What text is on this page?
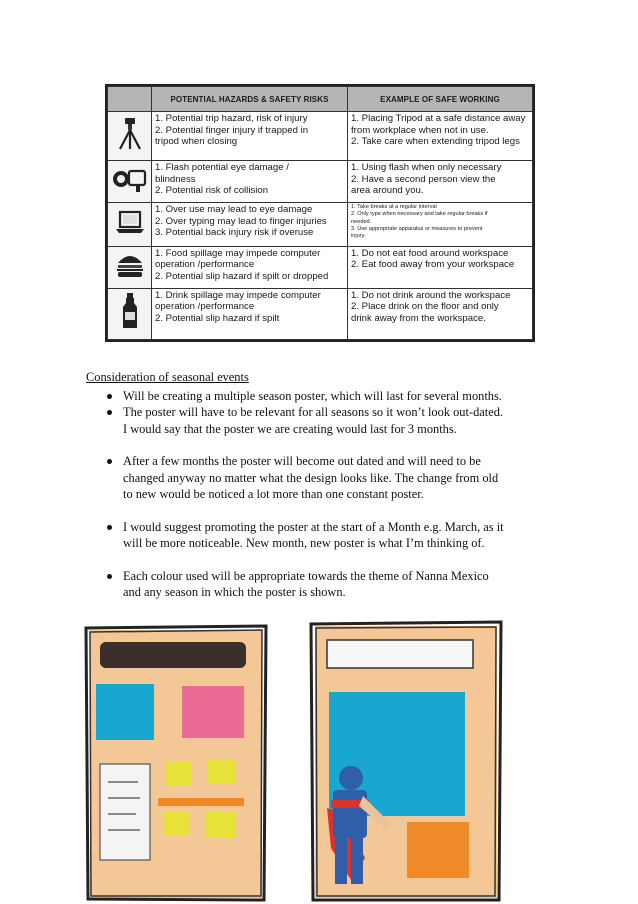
	POTENTIAL HAZARDS & SAFETY RISKS	EXAMPLE OF SAFE WORKING

1. Potential trip hazard, risk of injury
2. Potential finger injury if trapped in
tripod when closing	1. Placing Tripod at a safe distance away
from workplace when not in use.
2. Take care when extending tripod legs

1. Flash potential eye damage /
blindness
2. Potential risk of collision	1. Using flash when only necessary
2. Have a second person view the
area around you.

1. Over use may lead to eye damage
2. Over typing may lead to finger injuries
3. Potential back injury risk if overuse	1. Take breaks at a regular interval
2. Only type when necessary and take regular breaks if
needed.
3. Use appropriate apparatus or measures to prevent
injury.

1. Food spillage may impede computer
operation /performance
2. Potential slip hazard if spilt or dropped	1. Do not eat food around workspace
2. Eat food away from your workspace

1. Drink spillage may impede computer
operation /performance
2. Potential slip hazard if spilt	1. Do not drink around the workspace
2. Place drink on the floor and only
drink away from the workspace.
Consideration of seasonal events
Will be creating a multiple season poster, which will last for several months.
The poster will have to be relevant for all seasons so it won’t look out-dated.
I would say that the poster we are creating would last for 3 months.
After a few months the poster will become out dated and will need to be
changed anyway no matter what the design looks like. The change from old
to new would be noticed a lot more than one constant poster.
I would suggest promoting the poster at the start of a Month e.g. March, as it
will be more noticeable. New month, new poster is what I’m thinking of.
Each colour used will be appropriate towards the theme of Nanna Mexico
and any season in which the poster is shown.
